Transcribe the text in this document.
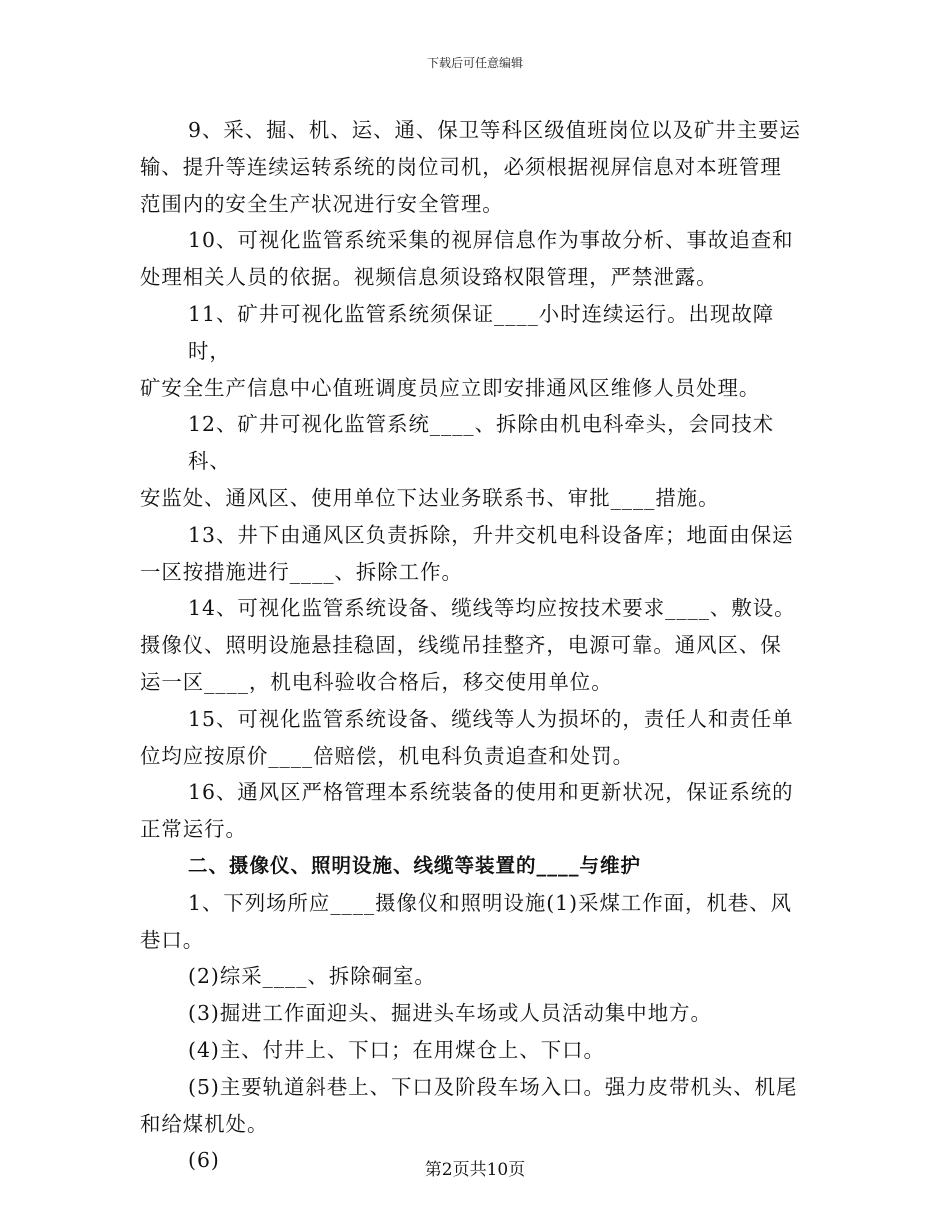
下载后可任意编辑
9、采、掘、机、运、通、保卫等科区级值班岗位以及矿井主要运
输、提升等连续运转系统的岗位司机，必须根据视屏信息对本班管理
范围内的安全生产状况进行安全管理。
10、可视化监管系统采集的视屏信息作为事故分析、事故追查和
处理相关人员的依据。视频信息须设臵权限管理，严禁泄露。
11、矿井可视化监管系统须保证____小时连续运行。出现故障时，
矿安全生产信息中心值班调度员应立即安排通风区维修人员处理。
12、矿井可视化监管系统____、拆除由机电科牵头，会同技术科、
安监处、通风区、使用单位下达业务联系书、审批____措施。
13、井下由通风区负责拆除，升井交机电科设备库；地面由保运
一区按措施进行____、拆除工作。
14、可视化监管系统设备、缆线等均应按技术要求____、敷设。
摄像仪、照明设施悬挂稳固，线缆吊挂整齐，电源可靠。通风区、保
运一区____，机电科验收合格后，移交使用单位。
15、可视化监管系统设备、缆线等人为损坏的，责任人和责任单
位均应按原价____倍赔偿，机电科负责追查和处罚。
16、通风区严格管理本系统装备的使用和更新状况，保证系统的
正常运行。
二、摄像仪、照明设施、线缆等装置的____与维护
1、下列场所应____摄像仪和照明设施(1)采煤工作面，机巷、风
巷口。
(2)综采____、拆除硐室。
(3)掘进工作面迎头、掘进头车场或人员活动集中地方。
(4)主、付井上、下口；在用煤仓上、下口。
(5)主要轨道斜巷上、下口及阶段车场入口。强力皮带机头、机尾
和给煤机处。
(6)	第2页共10页
